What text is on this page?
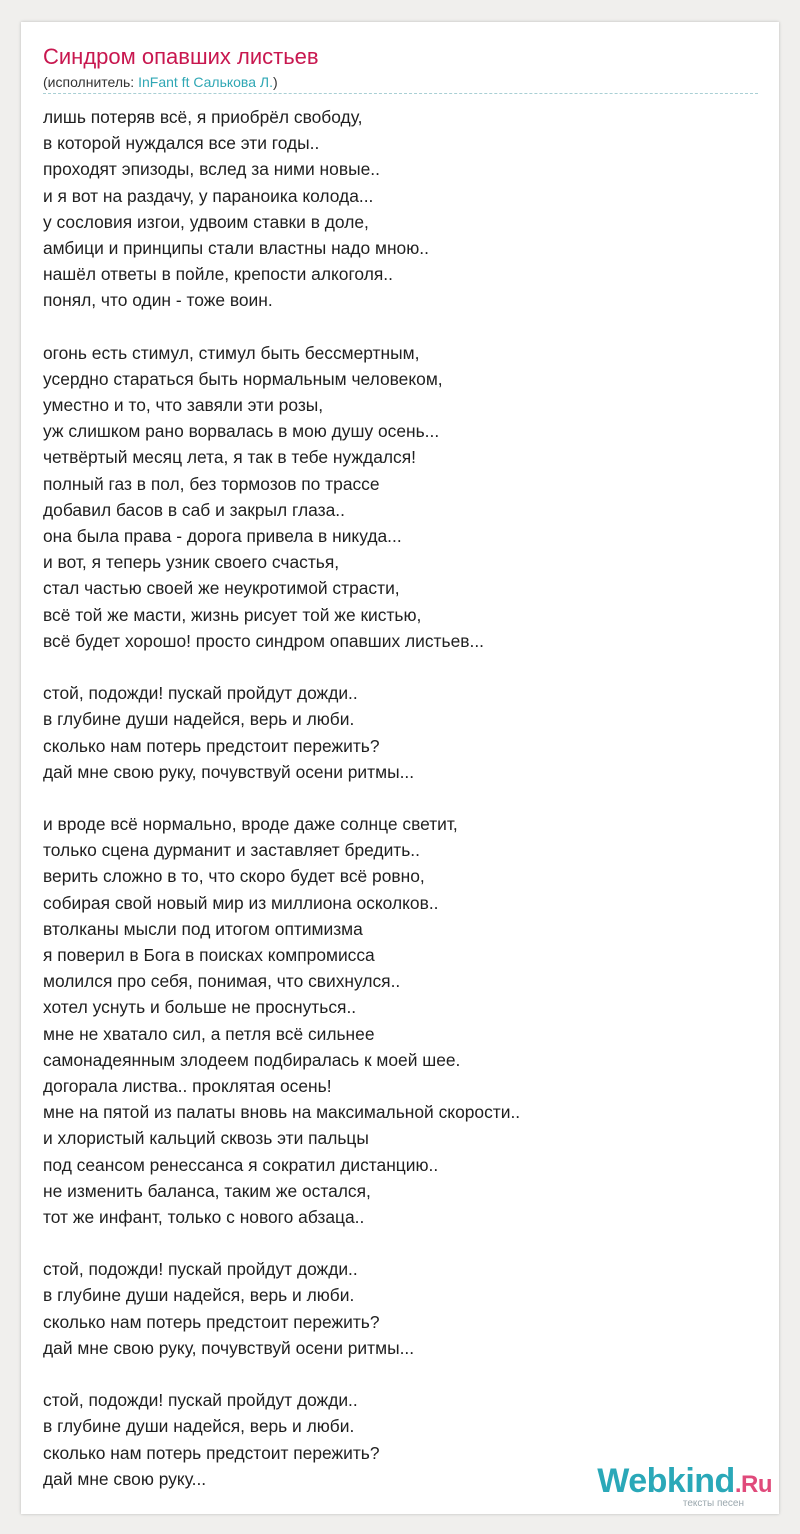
Синдром опавших листьев
(исполнитель: InFant ft Салькова Л.)
лишь потеряв всё, я приобрёл свободу,
в которой нуждался все эти годы..
проходят эпизоды, вслед за ними новые..
и я вот на раздачу, у параноика колода...
у сословия изгои, удвоим ставки в доле,
амбици и принципы стали властны надо мною..
нашёл ответы в пойле, крепости алкоголя..
понял, что один - тоже воин.
огонь есть стимул, стимул быть бессмертным,
усердно стараться быть нормальным человеком,
уместно и то, что завяли эти розы,
уж слишком рано ворвалась в мою душу осень...
четвёртый месяц лета, я так в тебе нуждался!
полный газ в пол, без тормозов по трассе
добавил басов в саб и закрыл глаза..
она была права - дорога привела в никуда...
и вот, я теперь узник своего счастья,
стал частью своей же неукротимой страсти,
всё той же масти, жизнь рисует той же кистью,
всё будет хорошо! просто синдром опавших листьев...
стой, подожди! пускай пройдут дожди..
в глубине души надейся, верь и люби.
сколько нам потерь предстоит пережить?
дай мне свою руку, почувствуй осени ритмы...
и вроде всё нормально, вроде даже солнце светит,
только сцена дурманит и заставляет бредить..
верить сложно в то, что скоро будет всё ровно,
собирая свой новый мир из миллиона осколков..
втолканы мысли под итогом оптимизма
я поверил в Бога в поисках компромисса
молился про себя, понимая, что свихнулся..
хотел уснуть и больше не проснуться..
мне не хватало сил, а петля всё сильнее
самонадеянным злодеем подбиралась к моей шее.
догорала листва.. проклятая осень!
мне на пятой из палаты вновь на максимальной скорости..
и хлористый кальций сквозь эти пальцы
под сеансом ренессанса я сократил дистанцию..
не изменить баланса, таким же остался,
тот же инфант, только с нового абзаца..
стой, подожди! пускай пройдут дожди..
в глубине души надейся, верь и люби.
сколько нам потерь предстоит пережить?
дай мне свою руку, почувствуй осени ритмы...
стой, подожди! пускай пройдут дожди..
в глубине души надейся, верь и люби.
сколько нам потерь предстоит пережить?
дай мне свою руку...	Webkind.Ru
тексты песен
